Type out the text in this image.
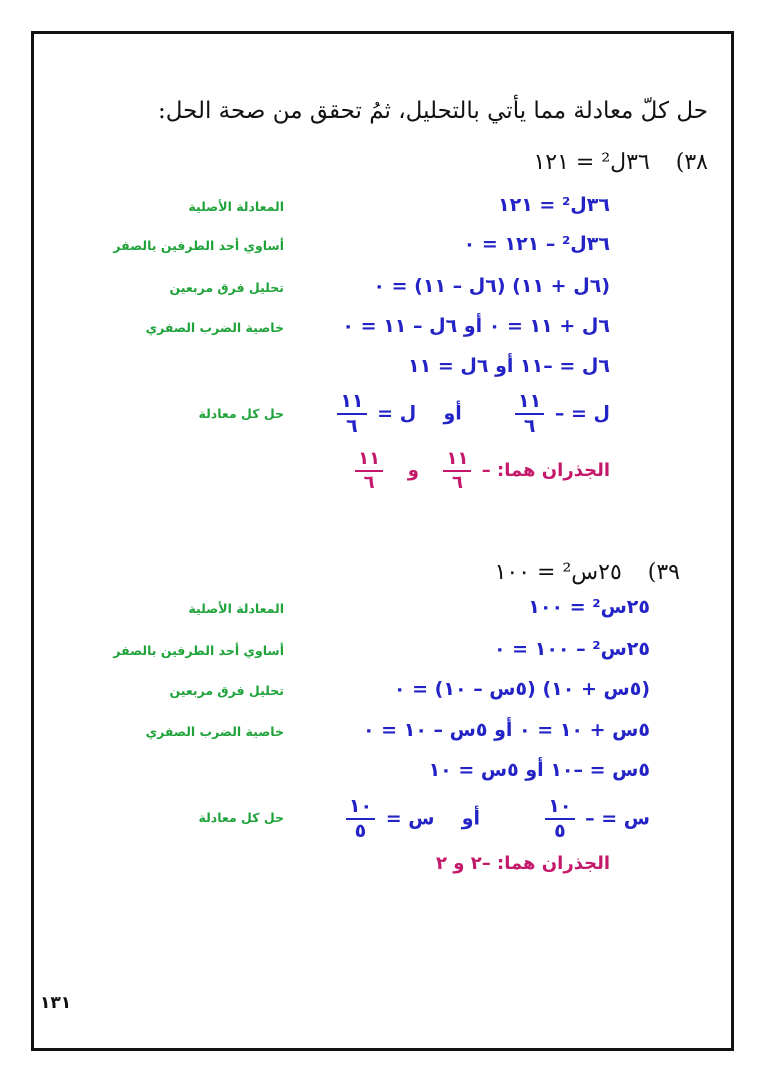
حل كلّ معادلة مما يأتي بالتحليل، ثمُ تحقق من صحة الحل:
٣٨)  ٣٦ل² = ١٢١
٣٦ل² = ١٢١
المعادلة الأصلية
٣٦ل² – ١٢١ = ٠
أساوي أحد الطرفين بالصفر
(٦ل + ١١) (٦ل – ١١) = ٠
تحليل فرق مربعين
٦ل + ١١ = ٠ أو ٦ل – ١١ = ٠
خاصية الضرب الصفري
٦ل = –١١ أو ٦ل = ١١
ل = –
$\frac{١١}{٦}$
أو  ل =
$\frac{١١}{٦}$
حل كل معادلة
الجذران هما: –
$\frac{١١}{٦}$
و
$\frac{١١}{٦}$
٣٩)  ٢٥س² = ١٠٠
٢٥س² = ١٠٠
المعادلة الأصلية
٢٥س² – ١٠٠ = ٠
أساوي أحد الطرفين بالصفر
(٥س + ١٠) (٥س – ١٠) = ٠
تحليل فرق مربعين
٥س + ١٠ = ٠ أو ٥س – ١٠ = ٠
خاصية الضرب الصفري
٥س = –١٠ أو ٥س = ١٠
س = –
$\frac{١٠}{٥}$
أو  س =
$\frac{١٠}{٥}$
حل كل معادلة
الجذران هما: –٢ و ٢
١٣١
